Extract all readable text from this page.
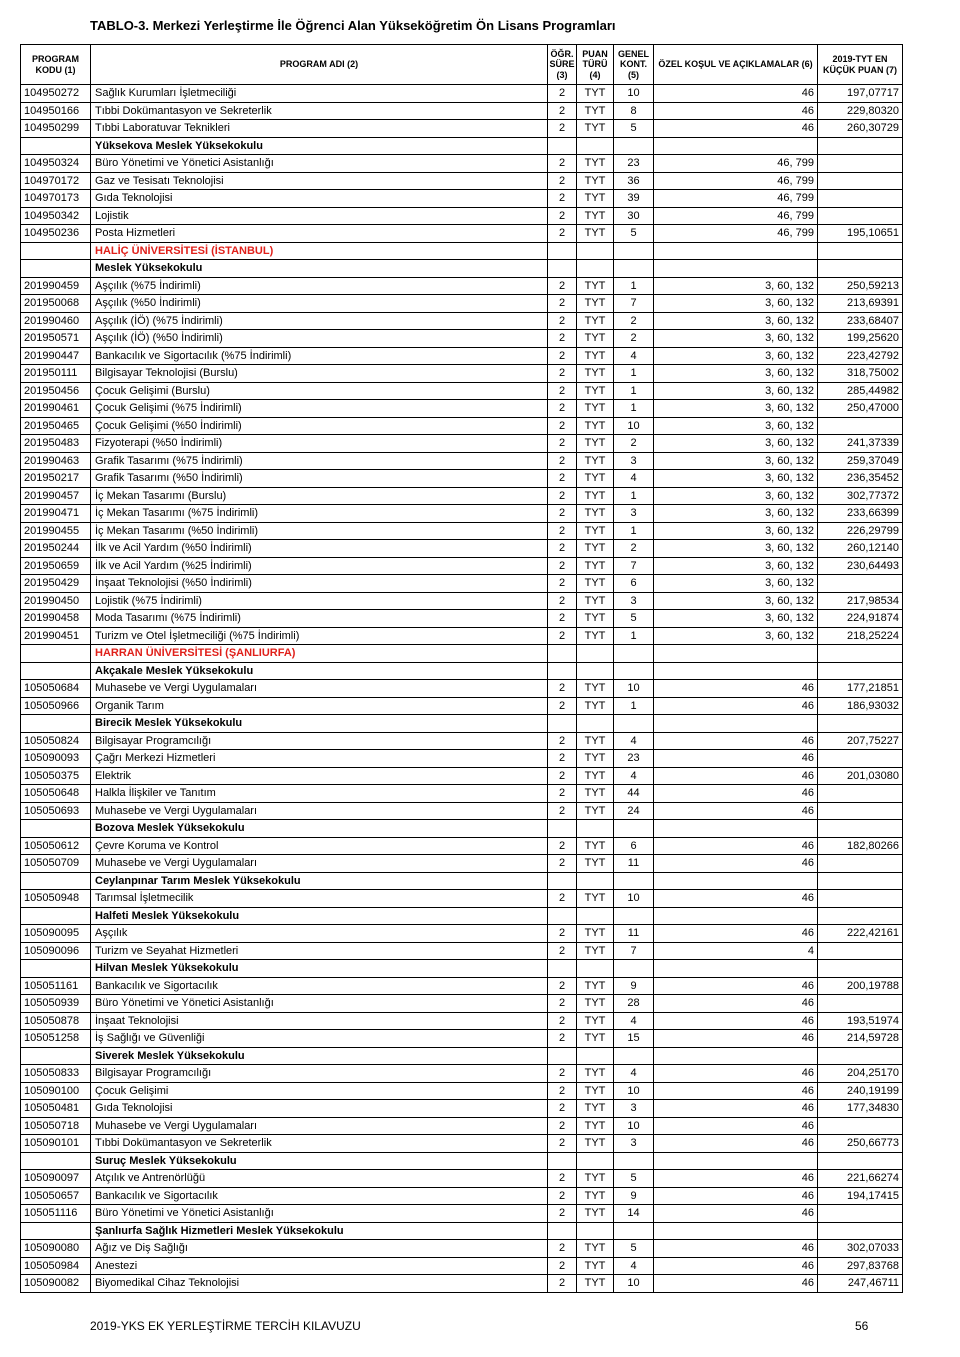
TABLO-3. Merkezi Yerleştirme İle Öğrenci Alan Yükseköğretim Ön Lisans Programları
PROGRAM KODU (1)	PROGRAM ADI (2)	ÖĞR. SÜRE (3)	PUAN TÜRÜ (4)	GENEL KONT. (5)	ÖZEL KOŞUL VE AÇIKLAMALAR (6)	2019-TYT EN KÜÇÜK PUAN (7)
104950272	Sağlık Kurumları İşletmeciliği	2	TYT	10	46	197,07717
104950166	Tıbbi Dokümantasyon ve Sekreterlik	2	TYT	8	46	229,80320
104950299	Tıbbi Laboratuvar Teknikleri	2	TYT	5	46	260,30729
	Yüksekova Meslek Yüksekokulu					
104950324	Büro Yönetimi ve Yönetici Asistanlığı	2	TYT	23	46, 799	
104970172	Gaz ve Tesisatı Teknolojisi	2	TYT	36	46, 799	
104970173	Gıda Teknolojisi	2	TYT	39	46, 799	
104950342	Lojistik	2	TYT	30	46, 799	
104950236	Posta Hizmetleri	2	TYT	5	46, 799	195,10651
	HALİÇ ÜNİVERSİTESİ (İSTANBUL)					
	Meslek Yüksekokulu					
201990459	Aşçılık (%75 İndirimli)	2	TYT	1	3, 60, 132	250,59213
201950068	Aşçılık (%50 İndirimli)	2	TYT	7	3, 60, 132	213,69391
201990460	Aşçılık (İÖ) (%75 İndirimli)	2	TYT	2	3, 60, 132	233,68407
201950571	Aşçılık (İÖ) (%50 İndirimli)	2	TYT	2	3, 60, 132	199,25620
201990447	Bankacılık ve Sigortacılık (%75 İndirimli)	2	TYT	4	3, 60, 132	223,42792
201950111	Bilgisayar Teknolojisi (Burslu)	2	TYT	1	3, 60, 132	318,75002
201950456	Çocuk Gelişimi (Burslu)	2	TYT	1	3, 60, 132	285,44982
201990461	Çocuk Gelişimi (%75 İndirimli)	2	TYT	1	3, 60, 132	250,47000
201950465	Çocuk Gelişimi (%50 İndirimli)	2	TYT	10	3, 60, 132	
201950483	Fizyoterapi (%50 İndirimli)	2	TYT	2	3, 60, 132	241,37339
201990463	Grafik Tasarımı (%75 İndirimli)	2	TYT	3	3, 60, 132	259,37049
201950217	Grafik Tasarımı (%50 İndirimli)	2	TYT	4	3, 60, 132	236,35452
201990457	İç Mekan Tasarımı (Burslu)	2	TYT	1	3, 60, 132	302,77372
201990471	İç Mekan Tasarımı (%75 İndirimli)	2	TYT	3	3, 60, 132	233,66399
201990455	İç Mekan Tasarımı (%50 İndirimli)	2	TYT	1	3, 60, 132	226,29799
201950244	İlk ve Acil Yardım (%50 İndirimli)	2	TYT	2	3, 60, 132	260,12140
201950659	İlk ve Acil Yardım (%25 İndirimli)	2	TYT	7	3, 60, 132	230,64493
201950429	İnşaat Teknolojisi (%50 İndirimli)	2	TYT	6	3, 60, 132	
201990450	Lojistik (%75 İndirimli)	2	TYT	3	3, 60, 132	217,98534
201990458	Moda Tasarımı (%75 İndirimli)	2	TYT	5	3, 60, 132	224,91874
201990451	Turizm ve Otel İşletmeciliği (%75 İndirimli)	2	TYT	1	3, 60, 132	218,25224
	HARRAN ÜNİVERSİTESİ (ŞANLIURFA)					
	Akçakale Meslek Yüksekokulu					
105050684	Muhasebe ve Vergi Uygulamaları	2	TYT	10	46	177,21851
105050966	Organik Tarım	2	TYT	1	46	186,93032
	Birecik Meslek Yüksekokulu					
105050824	Bilgisayar Programcılığı	2	TYT	4	46	207,75227
105090093	Çağrı Merkezi Hizmetleri	2	TYT	23	46	
105050375	Elektrik	2	TYT	4	46	201,03080
105050648	Halkla İlişkiler ve Tanıtım	2	TYT	44	46	
105050693	Muhasebe ve Vergi Uygulamaları	2	TYT	24	46	
	Bozova Meslek Yüksekokulu					
105050612	Çevre Koruma ve Kontrol	2	TYT	6	46	182,80266
105050709	Muhasebe ve Vergi Uygulamaları	2	TYT	11	46	
	Ceylanpınar Tarım Meslek Yüksekokulu					
105050948	Tarımsal İşletmecilik	2	TYT	10	46	
	Halfeti Meslek Yüksekokulu					
105090095	Aşçılık	2	TYT	11	46	222,42161
105090096	Turizm ve Seyahat Hizmetleri	2	TYT	7	4	
	Hilvan Meslek Yüksekokulu					
105051161	Bankacılık ve Sigortacılık	2	TYT	9	46	200,19788
105050939	Büro Yönetimi ve Yönetici Asistanlığı	2	TYT	28	46	
105050878	İnşaat Teknolojisi	2	TYT	4	46	193,51974
105051258	İş Sağlığı ve Güvenliği	2	TYT	15	46	214,59728
	Siverek Meslek Yüksekokulu					
105050833	Bilgisayar Programcılığı	2	TYT	4	46	204,25170
105090100	Çocuk Gelişimi	2	TYT	10	46	240,19199
105050481	Gıda Teknolojisi	2	TYT	3	46	177,34830
105050718	Muhasebe ve Vergi Uygulamaları	2	TYT	10	46	
105090101	Tıbbi Dokümantasyon ve Sekreterlik	2	TYT	3	46	250,66773
	Suruç Meslek Yüksekokulu					
105090097	Atçılık ve Antrenörlüğü	2	TYT	5	46	221,66274
105050657	Bankacılık ve Sigortacılık	2	TYT	9	46	194,17415
105051116	Büro Yönetimi ve Yönetici Asistanlığı	2	TYT	14	46	
	Şanlıurfa Sağlık Hizmetleri Meslek Yüksekokulu					
105090080	Ağız ve Diş Sağlığı	2	TYT	5	46	302,07033
105050984	Anestezi	2	TYT	4	46	297,83768
105090082	Biyomedikal Cihaz Teknolojisi	2	TYT	10	46	247,46711
2019-YKS EK YERLEŞTİRME TERCİH KILAVUZU	56
